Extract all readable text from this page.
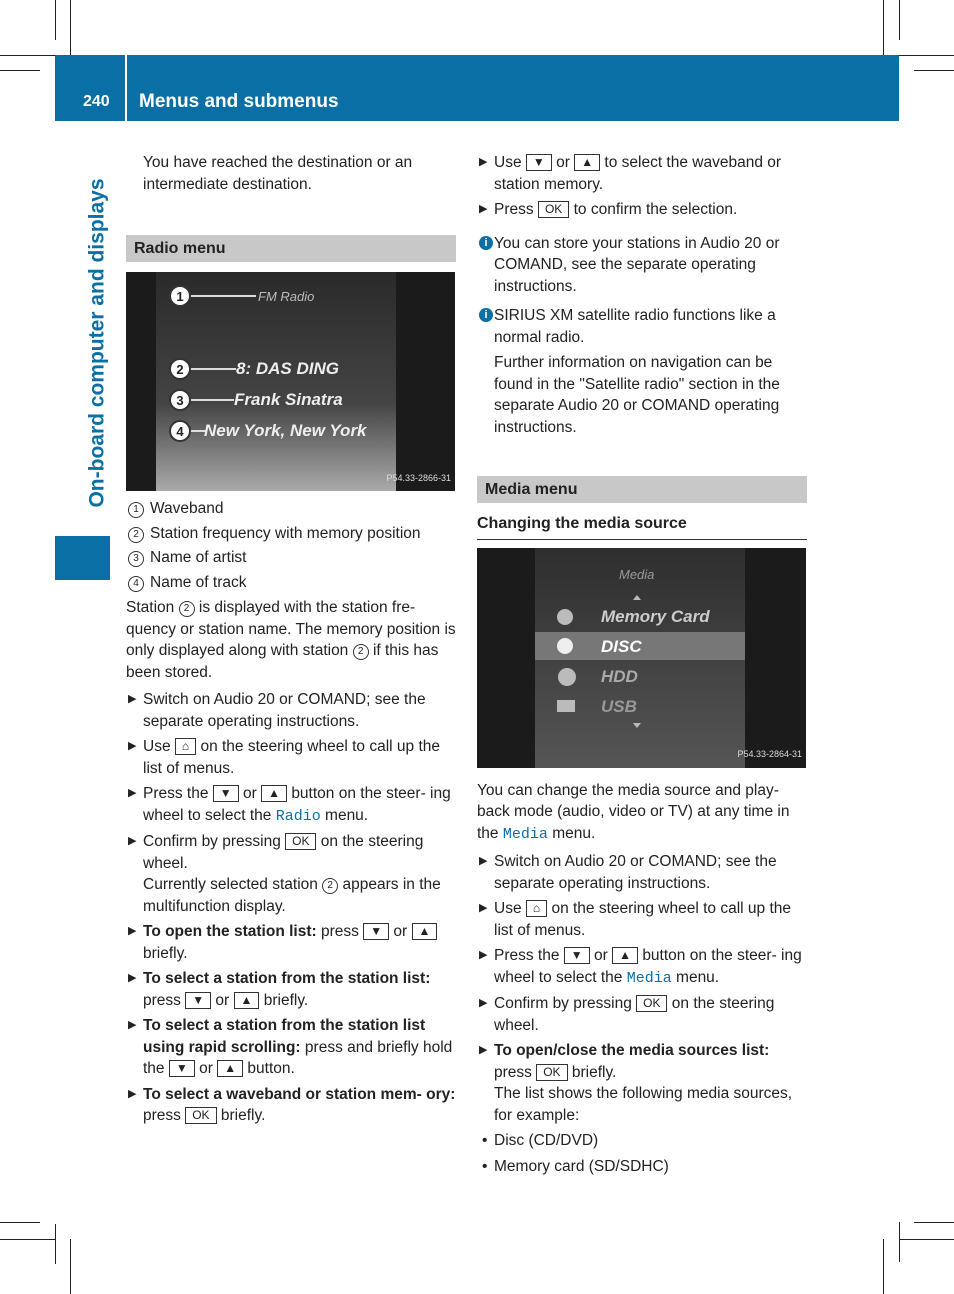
240 Menus and submenus
On-board computer and displays
You have reached the destination or an intermediate destination.
Radio menu
1
2
3
4
FM Radio
8: DAS DING
Frank Sinatra
New York, New York
P54.33-2866-31
1 Waveband
2 Station frequency with memory position
3 Name of artist
4 Name of track
Station 2 is displayed with the station fre- quency or station name. The memory position is only displayed along with station 2 if this has been stored.
▶ Switch on Audio 20 or COMAND; see the separate operating instructions.
▶ Use ⌂ on the steering wheel to call up the list of menus.
▶ Press the ▼ or ▲ button on the steer- ing wheel to select the Radio menu.
▶ Confirm by pressing OK on the steering wheel.
Currently selected station 2 appears in the multifunction display.
▶ To open the station list: press ▼ or ▲ briefly.
▶ To select a station from the station list: press ▼ or ▲ briefly.
▶ To select a station from the station list using rapid scrolling: press and briefly hold the ▼ or ▲ button.
▶ To select a waveband or station mem- ory: press OK briefly.
▶ Use ▼ or ▲ to select the waveband or station memory.
▶ Press OK to confirm the selection.
i You can store your stations in Audio 20 or COMAND, see the separate operating instructions.
i SIRIUS XM satellite radio functions like a normal radio.
Further information on navigation can be found in the "Satellite radio" section in the separate Audio 20 or COMAND operating instructions.
Media menu
Changing the media source
Media
Memory Card
DISC
HDD
USB
P54.33-2864-31
You can change the media source and play- back mode (audio, video or TV) at any time in the Media menu.
▶ Switch on Audio 20 or COMAND; see the separate operating instructions.
▶ Use ⌂ on the steering wheel to call up the list of menus.
▶ Press the ▼ or ▲ button on the steer- ing wheel to select the Media menu.
▶ Confirm by pressing OK on the steering wheel.
▶ To open/close the media sources list: press OK briefly.
The list shows the following media sources, for example:
• Disc (CD/DVD)
• Memory card (SD/SDHC)
